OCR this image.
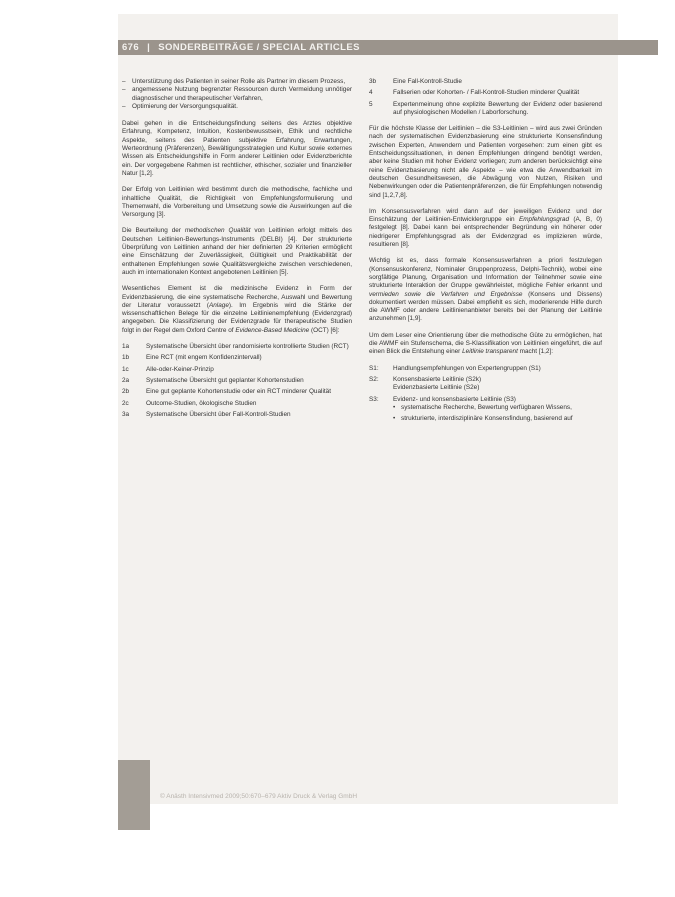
676 | SONDERBEITRÄGE / SPECIAL ARTICLES
– Unterstützung des Patienten in seiner Rolle als Partner im diesem Prozess,
– angemessene Nutzung begrenzter Ressourcen durch Vermeidung unnötiger diagnostischer und therapeutischer Verfahren,
– Optimierung der Versorgungsqualität.

Dabei gehen in die Entscheidungsfindung seitens des Arztes objektive Erfahrung, Kompetenz, Intuition, Kostenbewusstsein, Ethik und rechtliche Aspekte, seitens des Patienten subjektive Erfahrung, Erwartungen, Werteordnung (Präferenzen), Bewältigungsstrategien und Kultur sowie externes Wissen als Entscheidungshilfe in Form anderer Leitlinien oder Evidenzberichte ein. Der vorgegebene Rahmen ist rechtlicher, ethischer, sozialer und finanzieller Natur [1,2].

Der Erfolg von Leitlinien wird bestimmt durch die methodische, fachliche und inhaltliche Qualität, die Richtigkeit von Empfehlungsformulierung und Themenwahl, die Vorbereitung und Umsetzung sowie die Auswirkungen auf die Versorgung [3].

Die Beurteilung der methodischen Qualität von Leitlinien erfolgt mittels des Deutschen Leitlinien-Bewertungs-Instruments (DELBI) [4]. Der strukturierte Überprüfung von Leitlinien anhand der hier definierten 29 Kriterien ermöglicht eine Einschätzung der Zuverlässigkeit, Gültigkeit und Praktikabilität der enthaltenen Empfehlungen sowie Qualitätsvergleiche zwischen verschiedenen, auch im internationalen Kontext angebotenen Leitlinien [5].

Wesentliches Element ist die medizinische Evidenz in Form der Evidenzbasierung, die eine systematische Recherche, Auswahl und Bewertung der Literatur voraussetzt (Anlage). Im Ergebnis wird die Stärke der wissenschaftlichen Belege für die einzelne Leitlinienempfehlung (Evidenzgrad) angegeben. Die Klassifizierung der Evidenzgrade für therapeutische Studien folgt in der Regel dem Oxford Centre of Evidence-Based Medicine (OCT) [6]:

1a	Systematische Übersicht über randomisierte kontrollierte Studien (RCT)
1b	Eine RCT (mit engem Konfidenzintervall)
1c	Alle-oder-Keiner-Prinzip
2a	Systematische Übersicht gut geplanter Kohortenstudien
2b	Eine gut geplante Kohortenstudie oder ein RCT minderer Qualität
2c	Outcome-Studien, ökologische Studien
3a	Systematische Übersicht über Fall-Kontroll-Studien
3b	Eine Fall-Kontroll-Studie
4	Fallserien oder Kohorten- / Fall-Kontroll-Studien minderer Qualität
5	Expertenmeinung ohne explizite Bewertung der Evidenz oder basierend auf physiologischen Modellen / Laborforschung.

Für die höchste Klasse der Leitlinien – die S3-Leitlinien – wird aus zwei Gründen nach der systematischen Evidenzbasierung eine strukturierte Konsensfindung zwischen Experten, Anwendern und Patienten vorgesehen: zum einen gibt es Entscheidungssituationen, in denen Empfehlungen dringend benötigt werden, aber keine Studien mit hoher Evidenz vorliegen; zum anderen berücksichtigt eine reine Evidenzbasierung nicht alle Aspekte – wie etwa die Anwendbarkeit im deutschen Gesundheitswesen, die Abwägung von Nutzen, Risiken und Nebenwirkungen oder die Patientenpräferenzen, die für Empfehlungen notwendig sind [1,2,7,8].

Im Konsensusverfahren wird dann auf der jeweiligen Evidenz und der Einschätzung der Leitlinien-Entwicklergruppe ein Empfehlungsgrad (A, B, 0) festgelegt [8]. Dabei kann bei entsprechender Begründung ein höherer oder niedrigerer Empfehlungsgrad als der Evidenzgrad es implizieren würde, resultieren [8].

Wichtig ist es, dass formale Konsensusverfahren a priori festzulegen (Konsensuskonferenz, Nominaler Gruppenprozess, Delphi-Technik), wobei eine sorgfältige Planung, Organisation und Information der Teilnehmer sowie eine strukturierte Interaktion der Gruppe gewährleistet, mögliche Fehler erkannt und vermieden sowie die Verfahren und Ergebnisse (Konsens und Dissens) dokumentiert werden müssen. Dabei empfiehlt es sich, moderierende Hilfe durch die AWMF oder andere Leitlinienanbieter bereits bei der Planung der Leitlinie anzunehmen [1,9].

Um dem Leser eine Orientierung über die methodische Güte zu ermöglichen, hat die AWMF ein Stufenschema, die S-Klassifikation von Leitlinien eingeführt, die auf einen Blick die Entstehung einer Leitlinie transparent macht [1,2]:

S1:	Handlungsempfehlungen von Expertengruppen (S1)
S2:	Konsensbasierte Leitlinie (S2k)
Evidenzbasierte Leitlinie (S2e)
S3:	Evidenz- und konsensbasierte Leitlinie (S3)
• systematische Recherche, Bewertung verfügbaren Wissens,
• strukturierte, interdisziplinäre Konsensfindung, basierend auf
© Anästh Intensivmed 2009;50:670–679 Aktiv Druck & Verlag GmbH
